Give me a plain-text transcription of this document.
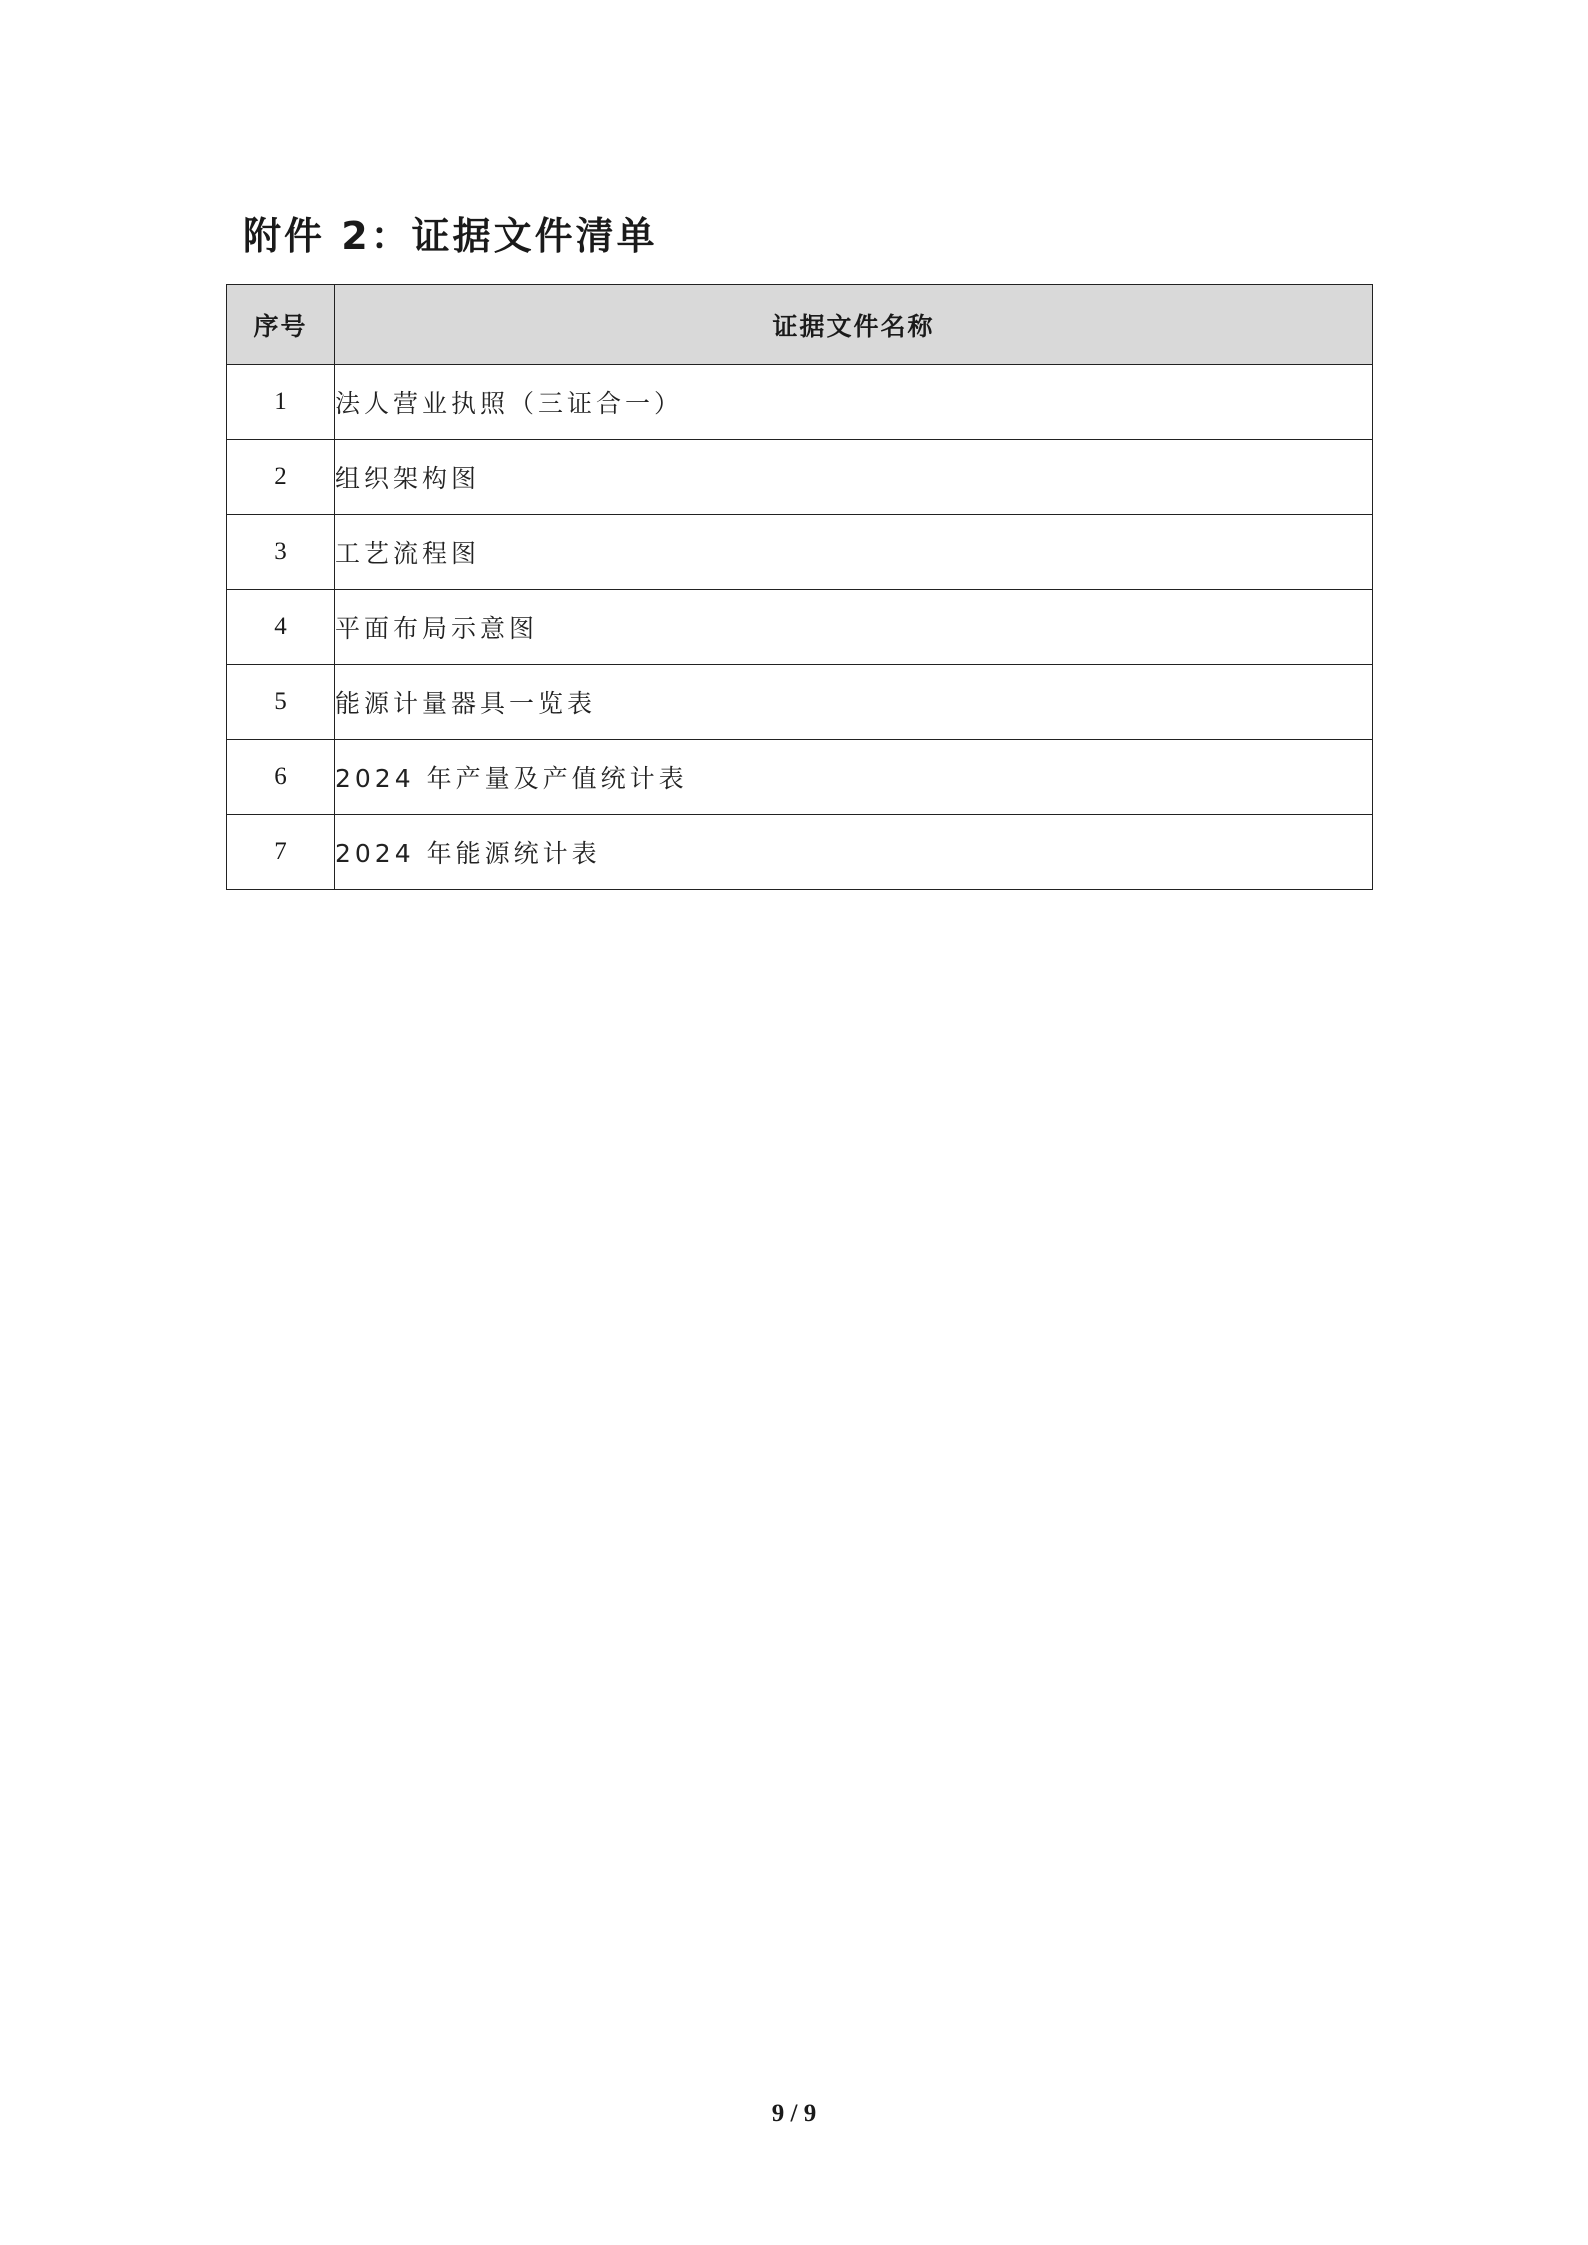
附件 2：证据文件清单
序号	证据文件名称
1	法人营业执照（三证合一）
2	组织架构图
3	工艺流程图
4	平面布局示意图
5	能源计量器具一览表
6	2024 年产量及产值统计表
7	2024 年能源统计表
9 / 9
